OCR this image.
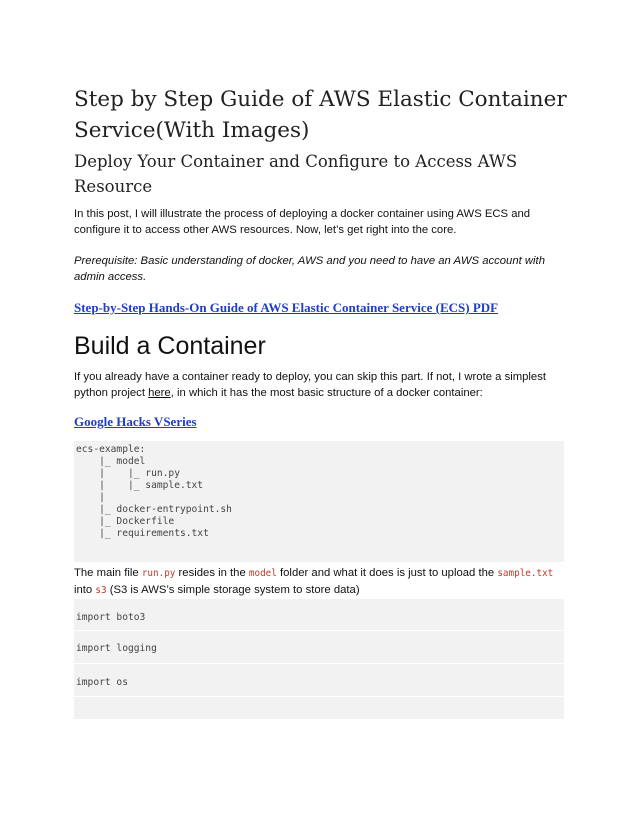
Step by Step Guide of AWS Elastic Container Service(With Images)
Deploy Your Container and Configure to Access AWS Resource

In this post, I will illustrate the process of deploying a docker container using AWS ECS and configure it to access other AWS resources. Now, let’s get right into the core.

Prerequisite: Basic understanding of docker, AWS and you need to have an AWS account with admin access.

Step-by-Step Hands-On Guide of AWS Elastic Container Service (ECS) PDF
Build a Container

If you already have a container ready to deploy, you can skip this part. If not, I wrote a simplest python project here, in which it has the most basic structure of a docker container:

Google Hacks VSeries
ecs-example:
|_ model
|    |_ run.py
|    |_ sample.txt
|
|_ docker-entrypoint.sh
|_ Dockerfile
|_ requirements.txt

The main file run.py resides in the model folder and what it does is just to upload the sample.txt into s3 (S3 is AWS’s simple storage system to store data)

import boto3
import logging
import os
